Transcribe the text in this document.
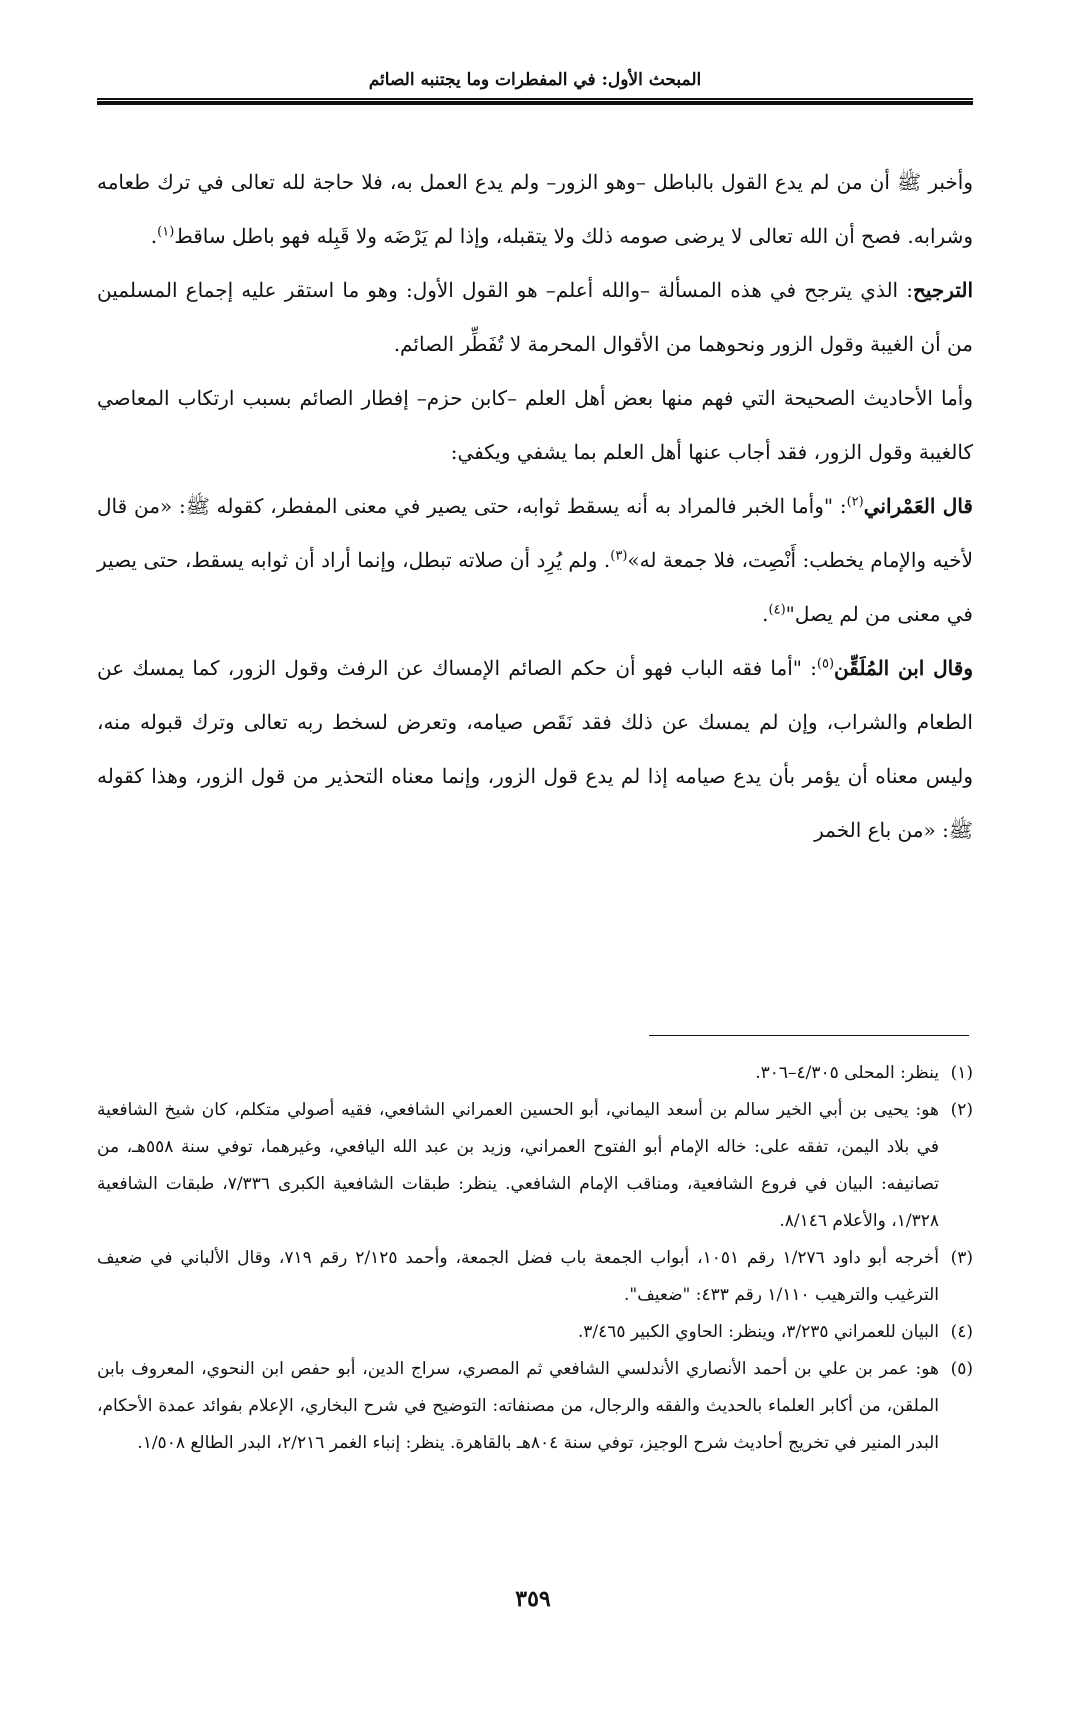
المبحث الأول: في المفطرات وما يجتنبه الصائم

وأخبر ﷺ أن من لم يدع القول بالباطل –وهو الزور– ولم يدع العمل به، فلا حاجة لله تعالى في ترك طعامه وشرابه. فصح أن الله تعالى لا يرضى صومه ذلك ولا يتقبله، وإذا لم يَرْضَه ولا قَبِله فهو باطل ساقط$^{(١)}$.

الترجيح: الذي يترجح في هذه المسألة –والله أعلم– هو القول الأول: وهو ما استقر عليه إجماع المسلمين من أن الغيبة وقول الزور ونحوهما من الأقوال المحرمة لا تُفَطِّر الصائم.

وأما الأحاديث الصحيحة التي فهم منها بعض أهل العلم –كابن حزم– إفطار الصائم بسبب ارتكاب المعاصي كالغيبة وقول الزور، فقد أجاب عنها أهل العلم بما يشفي ويكفي:

قال العَمْراني$^{(٢)}$: "وأما الخبر فالمراد به أنه يسقط ثوابه، حتى يصير في معنى المفطر، كقوله ﷺ: «من قال لأخيه والإمام يخطب: أَنْصِت، فلا جمعة له»$^{(٣)}$. ولم يُرِد أن صلاته تبطل، وإنما أراد أن ثوابه يسقط، حتى يصير في معنى من لم يصل"$^{(٤)}$.

وقال ابن المُلَقِّن$^{(٥)}$: "أما فقه الباب فهو أن حكم الصائم الإمساك عن الرفث وقول الزور، كما يمسك عن الطعام والشراب، وإن لم يمسك عن ذلك فقد نَقَص صيامه، وتعرض لسخط ربه تعالى وترك قبوله منه، وليس معناه أن يؤمر بأن يدع صيامه إذا لم يدع قول الزور، وإنما معناه التحذير من قول الزور، وهذا كقوله ﷺ: «من باع الخمر

(١)
ينظر: المحلى ٤/٣٠٥–٣٠٦.
(٢)
هو: يحيى بن أبي الخير سالم بن أسعد اليماني، أبو الحسين العمراني الشافعي، فقيه أصولي متكلم، كان شيخ الشافعية في بلاد اليمن، تفقه على: خاله الإمام أبو الفتوح العمراني، وزيد بن عبد الله اليافعي، وغيرهما، توفي سنة ٥٥٨هـ، من تصانيفه: البيان في فروع الشافعية، ومناقب الإمام الشافعي. ينظر: طبقات الشافعية الكبرى ٧/٣٣٦، طبقات الشافعية ١/٣٢٨، والأعلام ٨/١٤٦.
(٣)
أخرجه أبو داود ١/٢٧٦ رقم ١٠٥١، أبواب الجمعة باب فضل الجمعة، وأحمد ٢/١٢٥ رقم ٧١٩، وقال الألباني في ضعيف الترغيب والترهيب ١/١١٠ رقم ٤٣٣: "ضعيف".
(٤)
البيان للعمراني ٣/٢٣٥، وينظر: الحاوي الكبير ٣/٤٦٥.
(٥)
هو: عمر بن علي بن أحمد الأنصاري الأندلسي الشافعي ثم المصري، سراج الدين، أبو حفص ابن النحوي، المعروف بابن الملقن، من أكابر العلماء بالحديث والفقه والرجال، من مصنفاته: التوضيح في شرح البخاري، الإعلام بفوائد عمدة الأحكام، البدر المنير في تخريج أحاديث شرح الوجيز، توفي سنة ٨٠٤هـ بالقاهرة. ينظر: إنباء الغمر ٢/٢١٦، البدر الطالع ١/٥٠٨.
٣٥٩
